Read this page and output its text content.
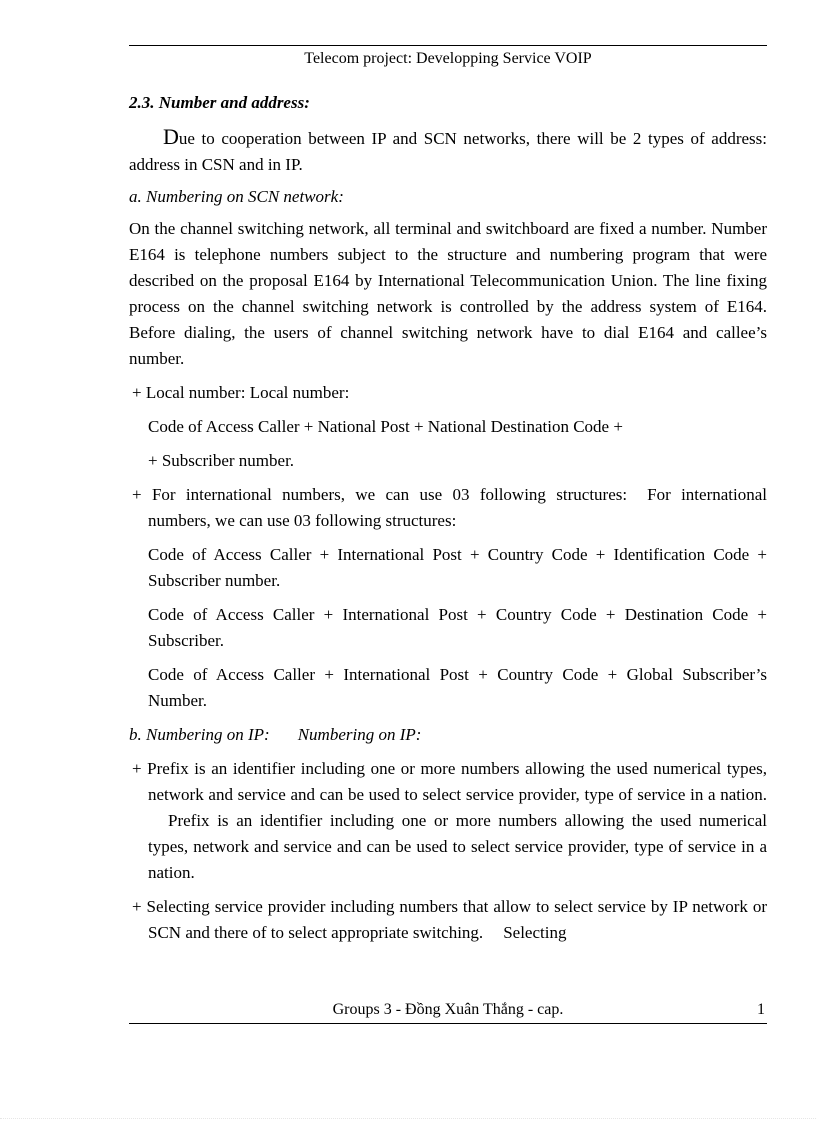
Telecom project: Developping Service VOIP
2.3. Number and address:

Due to cooperation between IP and SCN networks, there will be 2 types of address: address in CSN and in IP.

a. Numbering on SCN network:

On the channel switching network, all terminal and switchboard are fixed a number. Number E164 is telephone numbers subject to the structure and numbering program that were described on the proposal E164 by International Telecommunication Union. The line fixing process on the channel switching network is controlled by the address system of E164. Before dialing, the users of channel switching network have to dial E164 and callee’s number.

+ Local number: Local number:
Code of Access Caller + National Post + National Destination Code +
+ Subscriber number.
+ For international numbers, we can use 03 following structures: For international numbers, we can use 03 following structures:
Code of Access Caller + International Post + Country Code + Identification Code + Subscriber number.
Code of Access Caller + International Post + Country Code + Destination Code + Subscriber.
Code of Access Caller + International Post + Country Code + Global Subscriber’s Number.
b. Numbering on IP: Numbering on IP:
+ Prefix is an identifier including one or more numbers allowing the used numerical types, network and service and can be used to select service provider, type of service in a nation.Prefix is an identifier including one or more numbers allowing the used numerical types, network and service and can be used to select service provider, type of service in a nation.
+ Selecting service provider including numbers that allow to select service by IP network or SCN and there of to select appropriate switching. Selecting
Groups 3 - Đồng Xuân Thắng - cap.	1
